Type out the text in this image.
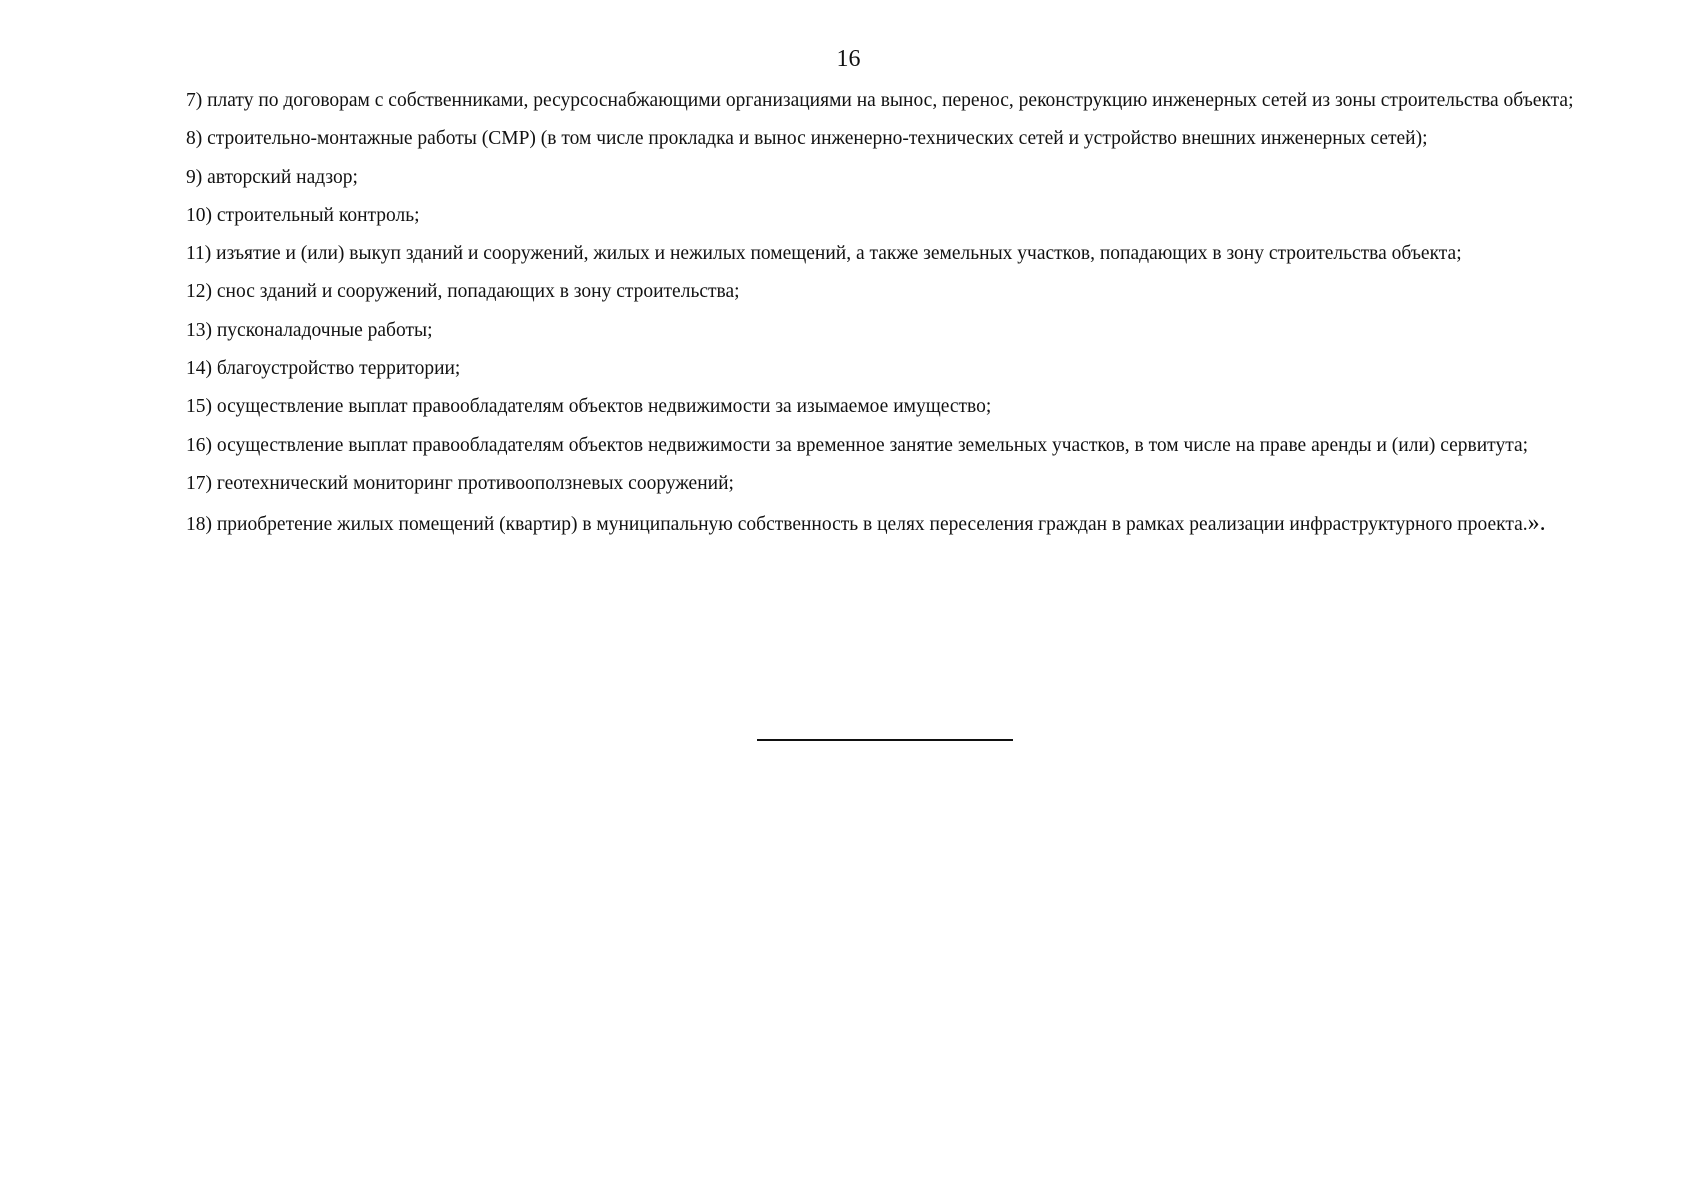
16

7) плату по договорам с собственниками, ресурсоснабжающими организациями на вынос, перенос, реконструкцию инженерных сетей из зоны строительства объекта;

8) строительно-монтажные работы (СМР) (в том числе прокладка и вынос инженерно-технических сетей и устройство внешних инженерных сетей);

9) авторский надзор;

10) строительный контроль;

11) изъятие и (или) выкуп зданий и сооружений, жилых и нежилых помещений, а также земельных участков, попадающих в зону строительства объекта;

12) снос зданий и сооружений, попадающих в зону строительства;

13) пусконаладочные работы;

14) благоустройство территории;

15) осуществление выплат правообладателям объектов недвижимости за изымаемое имущество;

16) осуществление выплат правообладателям объектов недвижимости за временное занятие земельных участков, в том числе на праве аренды и (или) сервитута;

17) геотехнический мониторинг противооползневых сооружений;

18) приобретение жилых помещений (квартир) в муниципальную собственность в целях переселения граждан в рамках реализации инфраструктурного проекта.».
